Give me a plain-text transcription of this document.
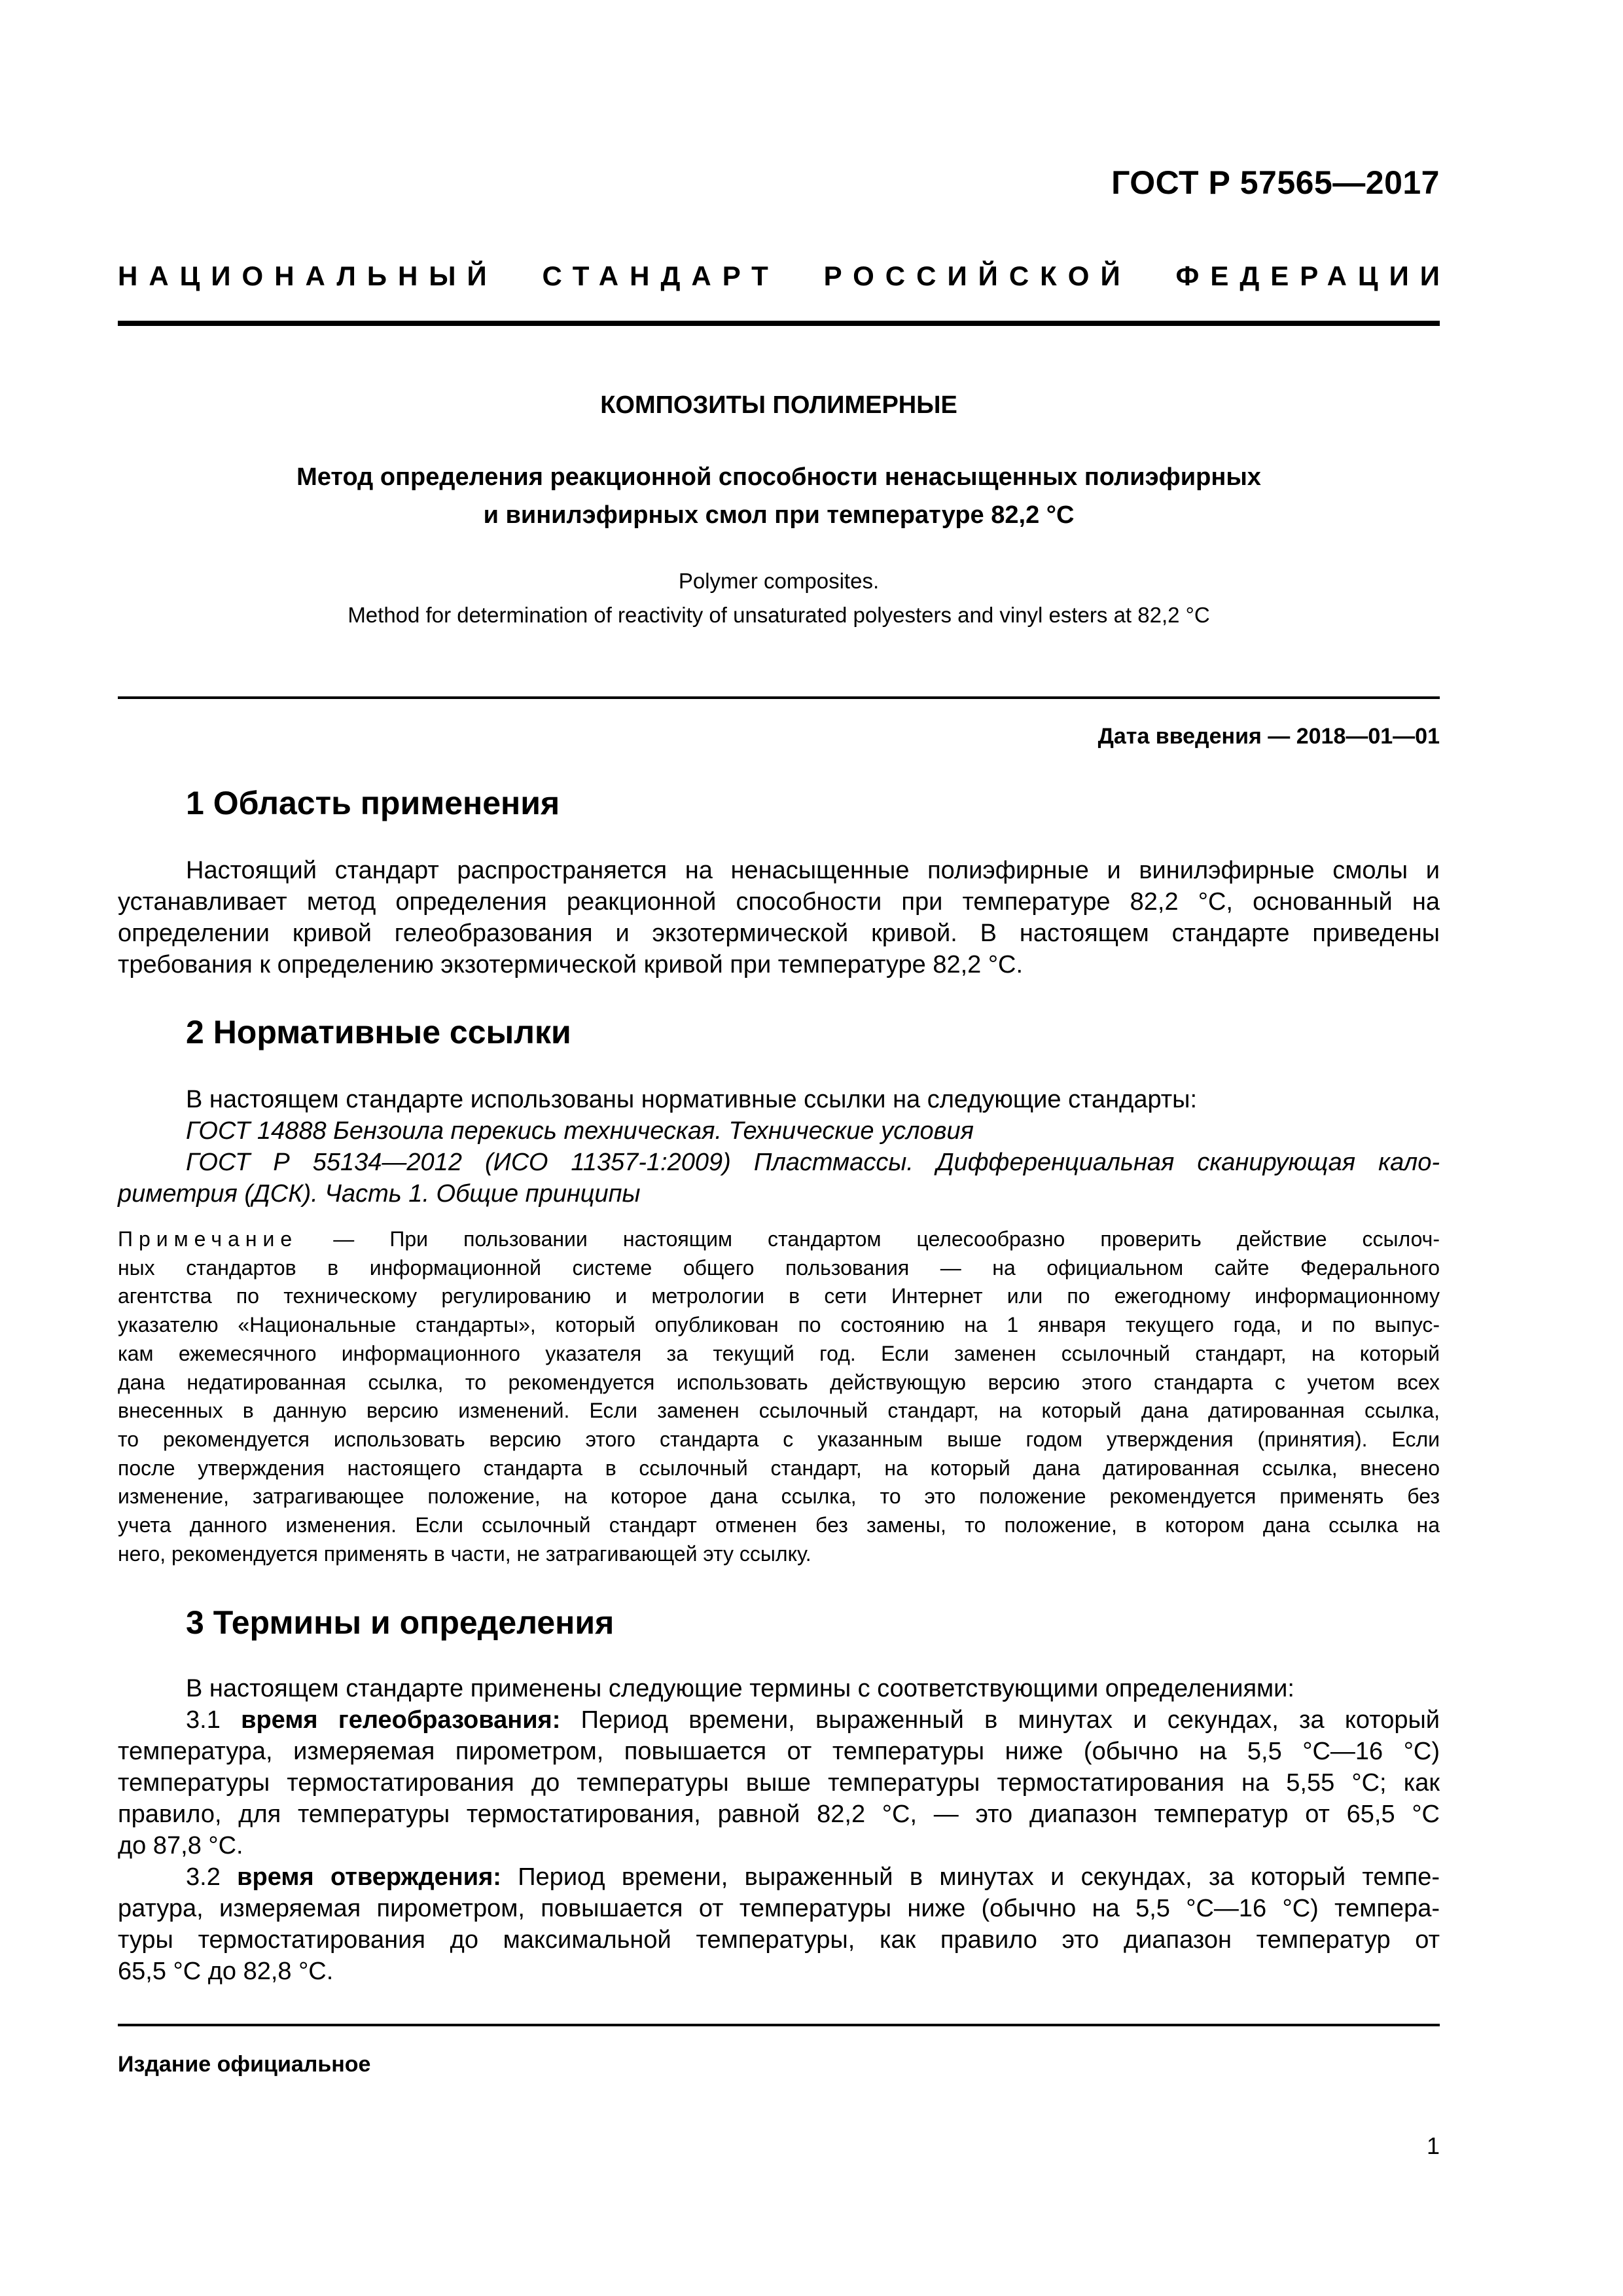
ГОСТ Р 57565—2017
НАЦИОНАЛЬНЫЙ СТАНДАРТ РОССИЙСКОЙ ФЕДЕРАЦИИ
КОМПОЗИТЫ ПОЛИМЕРНЫЕ
Метод определения реакционной способности ненасыщенных полиэфирных
и винилэфирных смол при температуре 82,2 °С
Polymer composites.
Method for determination of reactivity of unsaturated polyesters and vinyl esters at 82,2 °C
Дата введения — 2018—01—01
1 Область применения
Настоящий стандарт распространяется на ненасыщенные полиэфирные и винилэфирные смолы и
устанавливает метод определения реакционной способности при температуре 82,2 °С, основанный на
определении кривой гелеобразования и экзотермической кривой. В настоящем стандарте приведены
требования к определению экзотермической кривой при температуре 82,2 °С.
2 Нормативные ссылки
В настоящем стандарте использованы нормативные ссылки на следующие стандарты:
ГОСТ 14888 Бензоила перекись техническая. Технические условия
ГОСТ Р 55134—2012 (ИСО 11357-1:2009) Пластмассы. Дифференциальная сканирующая кало-
риметрия (ДСК). Часть 1. Общие принципы
Примечание — При пользовании настоящим стандартом целесообразно проверить действие ссылоч-
ных стандартов в информационной системе общего пользования — на официальном сайте Федерального
агентства по техническому регулированию и метрологии в сети Интернет или по ежегодному информационному
указателю «Национальные стандарты», который опубликован по состоянию на 1 января текущего года, и по выпус-
кам ежемесячного информационного указателя за текущий год. Если заменен ссылочный стандарт, на который
дана недатированная ссылка, то рекомендуется использовать действующую версию этого стандарта с учетом всех
внесенных в данную версию изменений. Если заменен ссылочный стандарт, на который дана датированная ссылка,
то рекомендуется использовать версию этого стандарта с указанным выше годом утверждения (принятия). Если
после утверждения настоящего стандарта в ссылочный стандарт, на который дана датированная ссылка, внесено
изменение, затрагивающее положение, на которое дана ссылка, то это положение рекомендуется применять без
учета данного изменения. Если ссылочный стандарт отменен без замены, то положение, в котором дана ссылка на
него, рекомендуется применять в части, не затрагивающей эту ссылку.
3 Термины и определения
В настоящем стандарте применены следующие термины с соответствующими определениями:
3.1 время гелеобразования: Период времени, выраженный в минутах и секундах, за который
температура, измеряемая пирометром, повышается от температуры ниже (обычно на 5,5 °С—16 °С)
температуры термостатирования до температуры выше температуры термостатирования на 5,55 °С; как
правило, для температуры термостатирования, равной 82,2 °С, — это диапазон температур от 65,5 °С
до 87,8 °С.
3.2 время отверждения: Период времени, выраженный в минутах и секундах, за который темпе-
ратура, измеряемая пирометром, повышается от температуры ниже (обычно на 5,5 °С—16 °С) темпера-
туры термостатирования до максимальной температуры, как правило это диапазон температур от
65,5 °С до 82,8 °С.
Издание официальное
1
